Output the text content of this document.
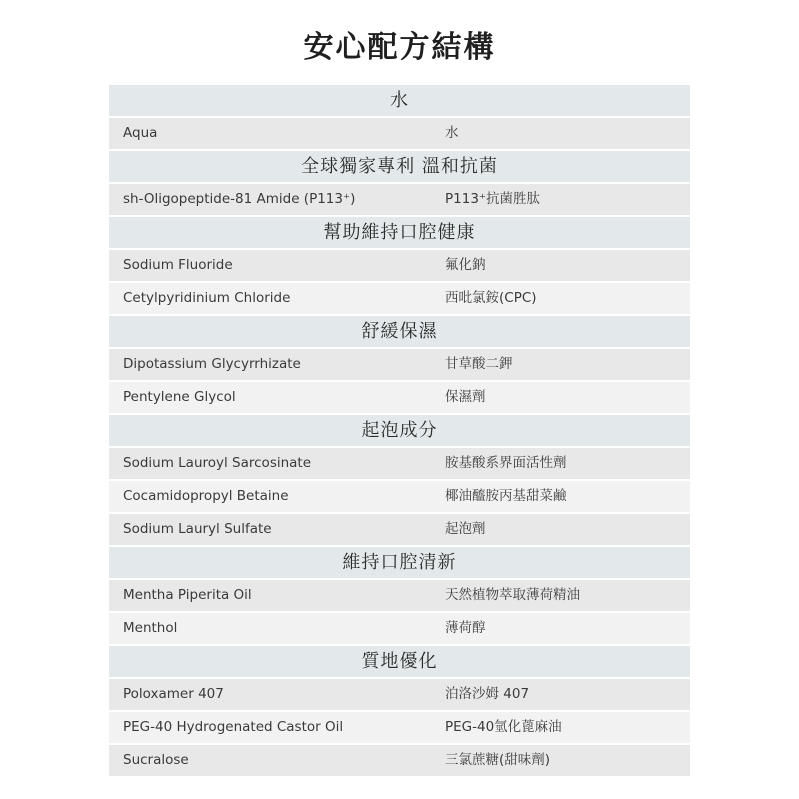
安心配方結構
水
Aqua	水
全球獨家專利 溫和抗菌
sh-Oligopeptide-81 Amide (P113⁺)	P113⁺抗菌胜肽
幫助維持口腔健康
Sodium Fluoride	氟化鈉
Cetylpyridinium Chloride	西吡氯銨(CPC)
舒緩保濕
Dipotassium Glycyrrhizate	甘草酸二鉀
Pentylene Glycol	保濕劑
起泡成分
Sodium Lauroyl Sarcosinate	胺基酸系界面活性劑
Cocamidopropyl Betaine	椰油醯胺丙基甜菜鹼
Sodium Lauryl Sulfate	起泡劑
維持口腔清新
Mentha Piperita Oil	天然植物萃取薄荷精油
Menthol	薄荷醇
質地優化
Poloxamer 407	泊洛沙姆 407
PEG-40 Hydrogenated Castor Oil	PEG-40氫化蓖麻油
Sucralose	三氯蔗糖(甜味劑)
